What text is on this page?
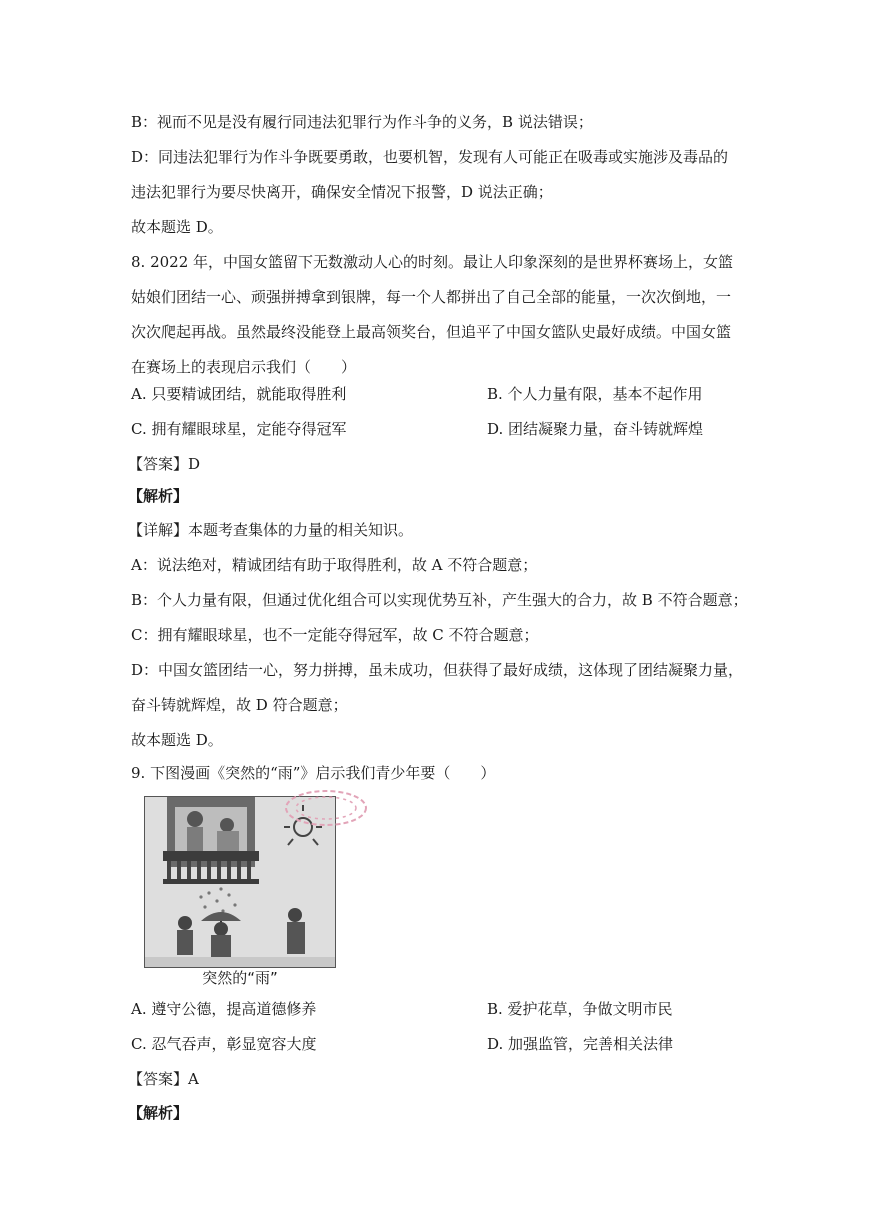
B：视而不见是没有履行同违法犯罪行为作斗争的义务，B 说法错误；
D：同违法犯罪行为作斗争既要勇敢，也要机智，发现有人可能正在吸毒或实施涉及毒品的
违法犯罪行为要尽快离开，确保安全情况下报警，D 说法正确；
故本题选 D。
8. 2022 年，中国女篮留下无数激动人心的时刻。最让人印象深刻的是世界杯赛场上，女篮
姑娘们团结一心、顽强拼搏拿到银牌，每一个人都拼出了自己全部的能量，一次次倒地，一
次次爬起再战。虽然最终没能登上最高领奖台，但追平了中国女篮队史最好成绩。中国女篮
在赛场上的表现启示我们（　　）
A. 只要精诚团结，就能取得胜利	B. 个人力量有限，基本不起作用
C. 拥有耀眼球星，定能夺得冠军	D. 团结凝聚力量，奋斗铸就辉煌
【答案】D
【解析】
【详解】本题考查集体的力量的相关知识。
A：说法绝对，精诚团结有助于取得胜利，故 A 不符合题意；
B：个人力量有限，但通过优化组合可以实现优势互补，产生强大的合力，故 B 不符合题意；
C：拥有耀眼球星，也不一定能夺得冠军，故 C 不符合题意；
D：中国女篮团结一心，努力拼搏，虽未成功，但获得了最好成绩，这体现了团结凝聚力量，
奋斗铸就辉煌，故 D 符合题意；
故本题选 D。
9. 下图漫画《突然的“雨”》启示我们青少年要（　　）
突然的“雨”
A. 遵守公德，提高道德修养	B. 爱护花草，争做文明市民
C. 忍气吞声，彰显宽容大度	D. 加强监管，完善相关法律
【答案】A
【解析】
